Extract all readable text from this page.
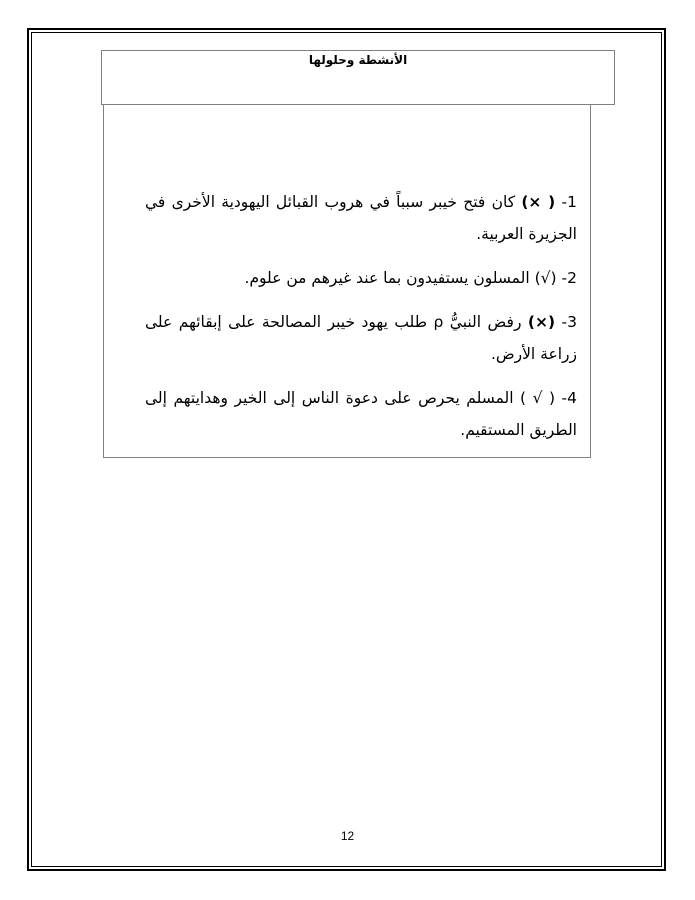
الأنشطة وحلولها

1- ( ×) كان فتح خيبر سبباً في هروب القبائل اليهودية الأخرى في الجزيرة العربية.

2- (√) المسلون يستفيدون بما عند غيرهم من علوم.

3- (×) رفض النبيُّ ρ طلب يهود خيبر المصالحة على إبقائهم على زراعة الأرض.

4- ( √ ) المسلم يحرص على دعوة الناس إلى الخير وهدايتهم إلى الطريق المستقيم.

12
